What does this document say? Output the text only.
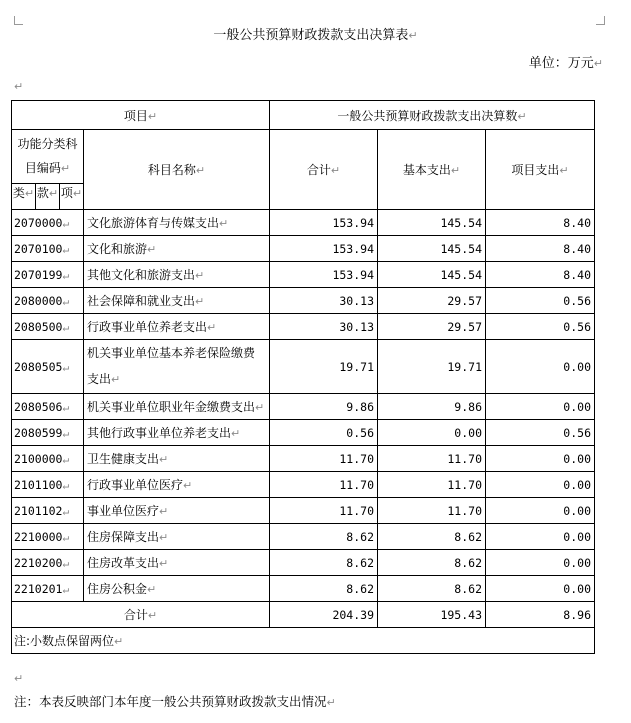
一般公共预算财政拨款支出决算表↵
单位：万元↵
↵
项目↵		一般公共预算财政拨款支出决算数↵		

功能分类科
目编码↵	科目名称↵	合计↵	基本支出↵	项目支出↵

类↵ 款↵ 项↵				

2070000↵	文化旅游体育与传媒支出↵	153.94	145.54	8.40
2070100↵	文化和旅游↵	153.94	145.54	8.40
2070199↵	其他文化和旅游支出↵	153.94	145.54	8.40
2080000↵	社会保障和就业支出↵	30.13	29.57	0.56
2080500↵	行政事业单位养老支出↵	30.13	29.57	0.56
2080505↵	机关事业单位基本养老保险缴费支出↵	19.71	19.71	0.00
2080506↵	机关事业单位职业年金缴费支出↵	9.86	9.86	0.00
2080599↵	其他行政事业单位养老支出↵	0.56	0.00	0.56
2100000↵	卫生健康支出↵	11.70	11.70	0.00
2101100↵	行政事业单位医疗↵	11.70	11.70	0.00
2101102↵	事业单位医疗↵	11.70	11.70	0.00
2210000↵	住房保障支出↵	8.62	8.62	0.00
2210200↵	住房改革支出↵	8.62	8.62	0.00
2210201↵	住房公积金↵	8.62	8.62	0.00
合计↵		204.39	195.43	8.96
注:小数点保留两位↵				
↵
注：本表反映部门本年度一般公共预算财政拨款支出情况↵
